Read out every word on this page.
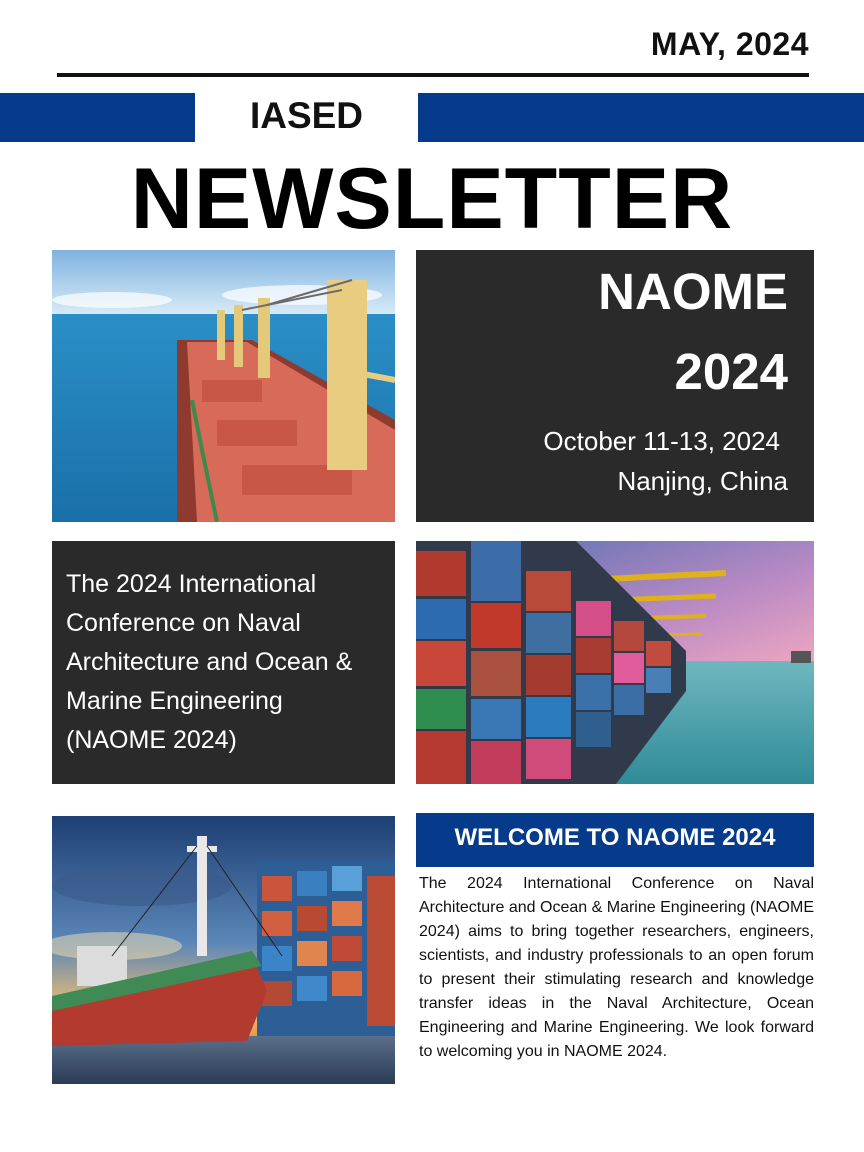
MAY, 2024
IASED
NEWSLETTER
NAOME
2024
October 11-13, 2024
Nanjing, China
The 2024 International Conference on Naval Architecture and Ocean & Marine Engineering (NAOME 2024)
WELCOME TO NAOME 2024
The 2024 International Conference on Naval Architecture and Ocean & Marine Engineering (NAOME 2024) aims to bring together researchers, engineers, scientists, and industry professionals to an open forum to present their stimulating research and knowledge transfer ideas in the Naval Architecture, Ocean Engineering and Marine Engineering. We look forward to welcoming you in NAOME 2024.
